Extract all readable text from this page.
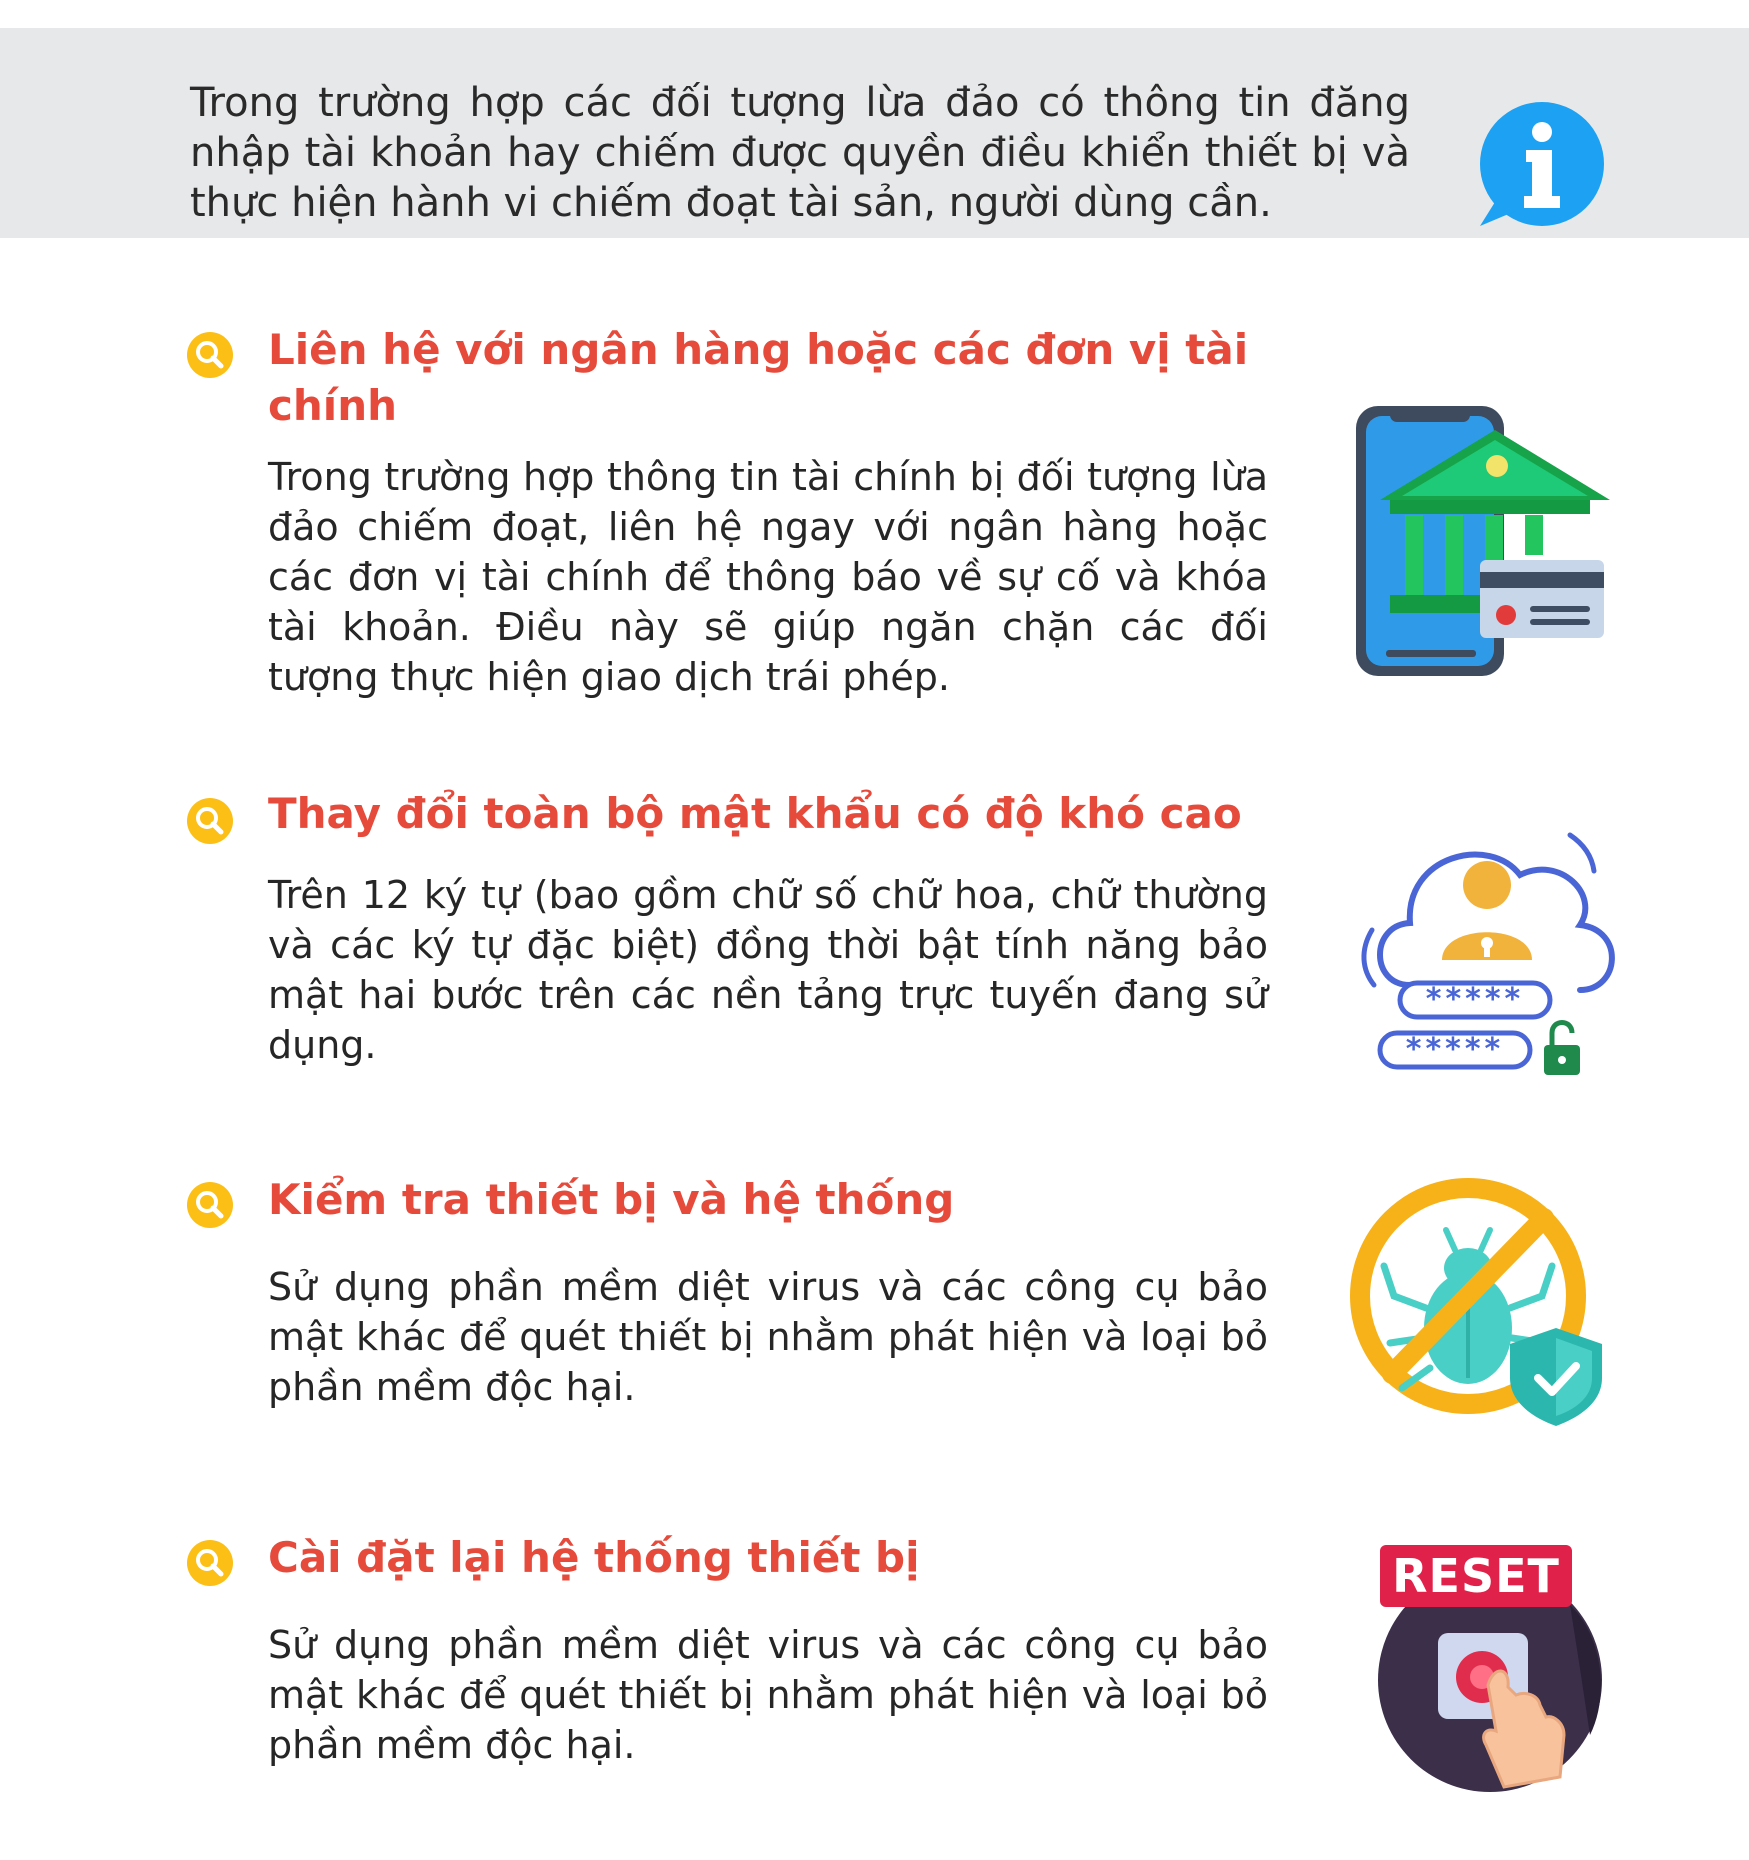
Trong trường hợp các đối tượng lừa đảo có thông tin đăng nhập tài khoản hay chiếm được quyền điều khiển thiết bị và thực hiện hành vi chiếm đoạt tài sản, người dùng cần.

Liên hệ với ngân hàng hoặc các đơn vị tài chính

Trong trường hợp thông tin tài chính bị đối tượng lừa đảo chiếm đoạt, liên hệ ngay với ngân hàng hoặc các đơn vị tài chính để thông báo về sự cố và khóa tài khoản. Điều này sẽ giúp ngăn chặn các đối tượng thực hiện giao dịch trái phép.

Thay đổi toàn bộ mật khẩu có độ khó cao

Trên 12 ký tự (bao gồm chữ số chữ hoa, chữ thường và các ký tự đặc biệt) đồng thời bật tính năng bảo mật hai bước trên các nền tảng trực tuyến đang sử dụng.

*****
*****
Kiểm tra thiết bị và hệ thống

Sử dụng phần mềm diệt virus và các công cụ bảo mật khác để quét thiết bị nhằm phát hiện và loại bỏ phần mềm độc hại.

Cài đặt lại hệ thống thiết bị

Sử dụng phần mềm diệt virus và các công cụ bảo mật khác để quét thiết bị nhằm phát hiện và loại bỏ phần mềm độc hại.

RESET
